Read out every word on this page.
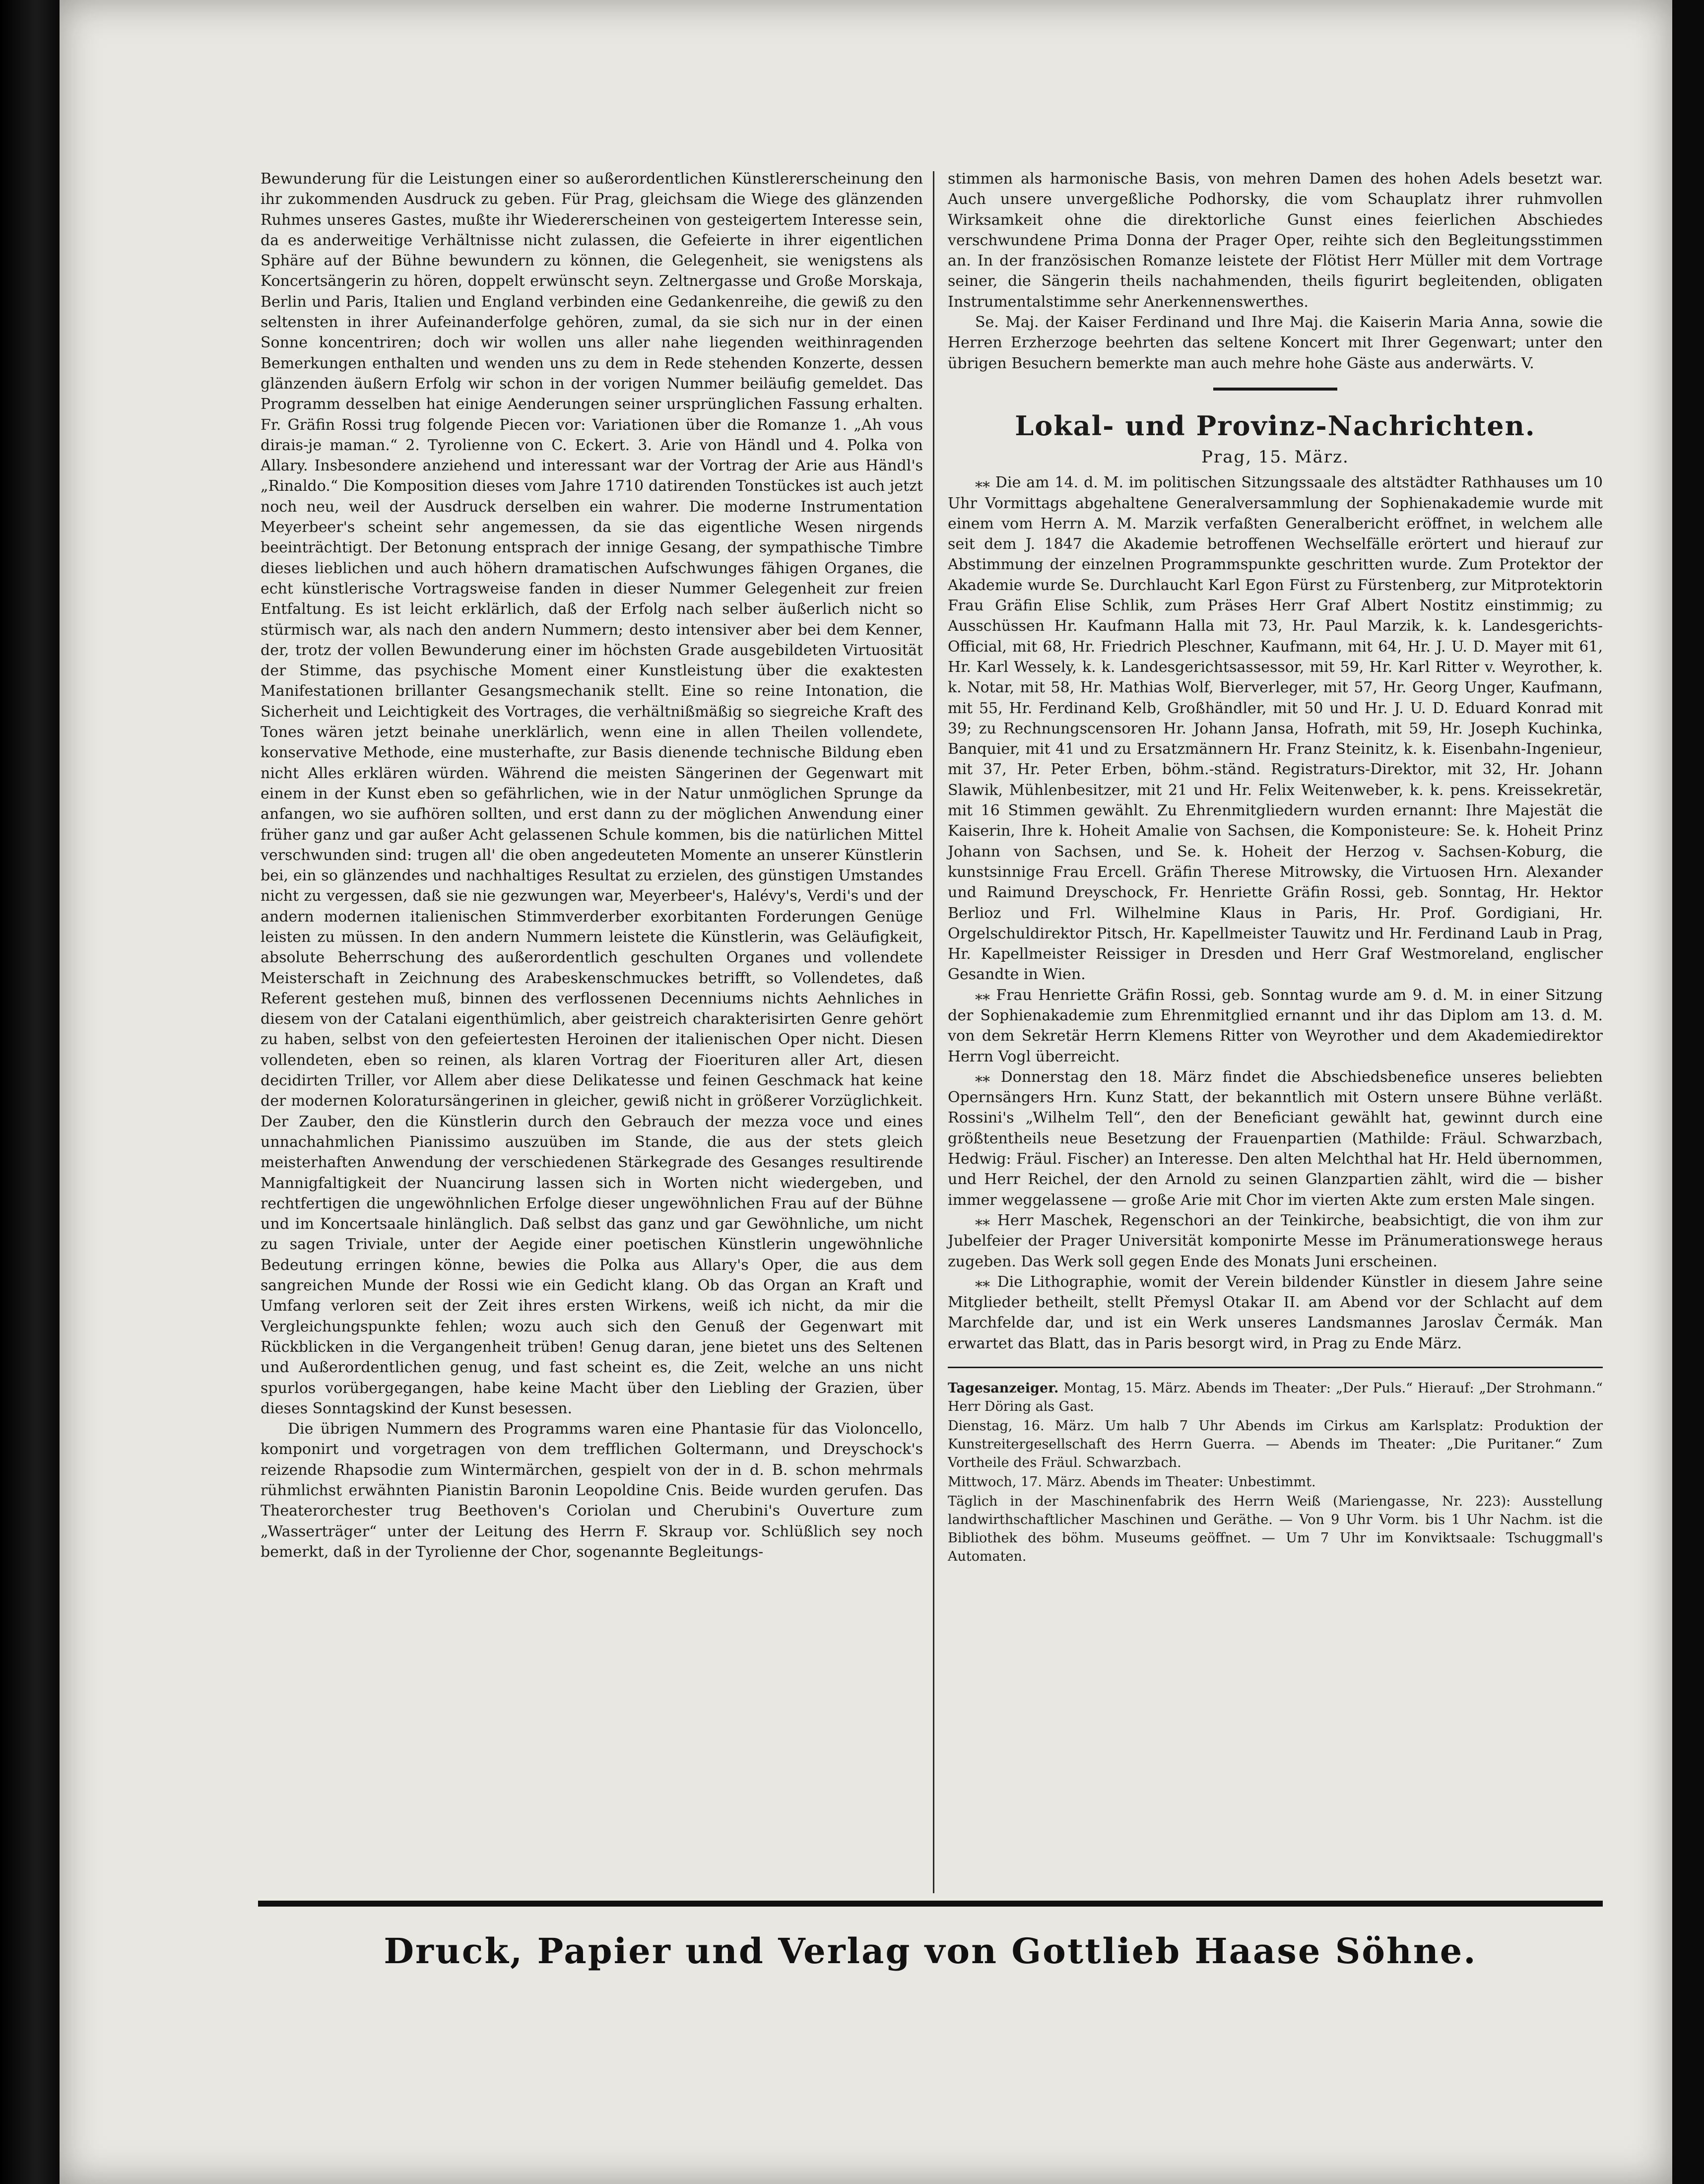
Bewunderung für die Leistungen einer so außerordentlichen Künstlererscheinung den ihr zukommenden Ausdruck zu geben. Für Prag, gleichsam die Wiege des glänzenden Ruhmes unseres Gastes, mußte ihr Wiedererscheinen von gesteigertem Interesse sein, da es anderweitige Verhältnisse nicht zulassen, die Gefeierte in ihrer eigentlichen Sphäre auf der Bühne bewundern zu können, die Gelegenheit, sie wenigstens als Koncertsängerin zu hören, doppelt erwünscht seyn. Zeltnergasse und Große Morskaja, Berlin und Paris, Italien und England verbinden eine Gedankenreihe, die gewiß zu den seltensten in ihrer Aufeinanderfolge gehören, zumal, da sie sich nur in der einen Sonne koncentriren; doch wir wollen uns aller nahe liegenden weithinragenden Bemerkungen enthalten und wenden uns zu dem in Rede stehenden Konzerte, dessen glänzenden äußern Erfolg wir schon in der vorigen Nummer beiläufig gemeldet. Das Programm desselben hat einige Aenderungen seiner ursprünglichen Fassung erhalten. Fr. Gräfin Rossi trug folgende Piecen vor: Variationen über die Romanze 1. „Ah vous dirais-je maman.“ 2. Tyrolienne von C. Eckert. 3. Arie von Händl und 4. Polka von Allary. Insbesondere anziehend und interessant war der Vortrag der Arie aus Händl's „Rinaldo.“ Die Komposition dieses vom Jahre 1710 datirenden Tonstückes ist auch jetzt noch neu, weil der Ausdruck derselben ein wahrer. Die moderne Instrumentation Meyerbeer's scheint sehr angemessen, da sie das eigentliche Wesen nirgends beeinträchtigt. Der Betonung entsprach der innige Gesang, der sympathische Timbre dieses lieblichen und auch höhern dramatischen Aufschwunges fähigen Organes, die echt künstlerische Vortragsweise fanden in dieser Nummer Gelegenheit zur freien Entfaltung. Es ist leicht erklärlich, daß der Erfolg nach selber äußerlich nicht so stürmisch war, als nach den andern Nummern; desto intensiver aber bei dem Kenner, der, trotz der vollen Bewunderung einer im höchsten Grade ausgebildeten Virtuosität der Stimme, das psychische Moment einer Kunstleistung über die exaktesten Manifestationen brillanter Gesangsmechanik stellt. Eine so reine Intonation, die Sicherheit und Leichtigkeit des Vortrages, die verhältnißmäßig so siegreiche Kraft des Tones wären jetzt beinahe unerklärlich, wenn eine in allen Theilen vollendete, konservative Methode, eine musterhafte, zur Basis dienende technische Bildung eben nicht Alles erklären würden. Während die meisten Sängerinen der Gegenwart mit einem in der Kunst eben so gefährlichen, wie in der Natur unmöglichen Sprunge da anfangen, wo sie aufhören sollten, und erst dann zu der möglichen Anwendung einer früher ganz und gar außer Acht gelassenen Schule kommen, bis die natürlichen Mittel verschwunden sind: trugen all' die oben angedeuteten Momente an unserer Künstlerin bei, ein so glänzendes und nachhaltiges Resultat zu erzielen, des günstigen Umstandes nicht zu vergessen, daß sie nie gezwungen war, Meyerbeer's, Halévy's, Verdi's und der andern modernen italienischen Stimmverderber exorbitanten Forderungen Genüge leisten zu müssen. In den andern Nummern leistete die Künstlerin, was Geläufigkeit, absolute Beherrschung des außerordentlich geschulten Organes und vollendete Meisterschaft in Zeichnung des Arabeskenschmuckes betrifft, so Vollendetes, daß Referent gestehen muß, binnen des verflossenen Decenniums nichts Aehnliches in diesem von der Catalani eigenthümlich, aber geistreich charakterisirten Genre gehört zu haben, selbst von den gefeiertesten Heroinen der italienischen Oper nicht. Diesen vollendeten, eben so reinen, als klaren Vortrag der Fioerituren aller Art, diesen decidirten Triller, vor Allem aber diese Delikatesse und feinen Geschmack hat keine der modernen Koloratursängerinen in gleicher, gewiß nicht in größerer Vorzüglichkeit. Der Zauber, den die Künstlerin durch den Gebrauch der mezza voce und eines unnachahmlichen Pianissimo auszuüben im Stande, die aus der stets gleich meisterhaften Anwendung der verschiedenen Stärkegrade des Gesanges resultirende Mannigfaltigkeit der Nuancirung lassen sich in Worten nicht wiedergeben, und rechtfertigen die ungewöhnlichen Erfolge dieser ungewöhnlichen Frau auf der Bühne und im Koncertsaale hinlänglich. Daß selbst das ganz und gar Gewöhnliche, um nicht zu sagen Triviale, unter der Aegide einer poetischen Künstlerin ungewöhnliche Bedeutung erringen könne, bewies die Polka aus Allary's Oper, die aus dem sangreichen Munde der Rossi wie ein Gedicht klang. Ob das Organ an Kraft und Umfang verloren seit der Zeit ihres ersten Wirkens, weiß ich nicht, da mir die Vergleichungspunkte fehlen; wozu auch sich den Genuß der Gegenwart mit Rückblicken in die Vergangenheit trüben! Genug daran, jene bietet uns des Seltenen und Außerordentlichen genug, und fast scheint es, die Zeit, welche an uns nicht spurlos vorübergegangen, habe keine Macht über den Liebling der Grazien, über dieses Sonntagskind der Kunst besessen.

Die übrigen Nummern des Programms waren eine Phantasie für das Violoncello, komponirt und vorgetragen von dem trefflichen Goltermann, und Dreyschock's reizende Rhapsodie zum Wintermärchen, gespielt von der in d. B. schon mehrmals rühmlichst erwähnten Pianistin Baronin Leopoldine Cnis. Beide wurden gerufen. Das Theaterorchester trug Beethoven's Coriolan und Cherubini's Ouverture zum „Wasserträger“ unter der Leitung des Herrn F. Skraup vor. Schlüßlich sey noch bemerkt, daß in der Tyrolienne der Chor, sogenannte Begleitungs-

stimmen als harmonische Basis, von mehren Damen des hohen Adels besetzt war. Auch unsere unvergeßliche Podhorsky, die vom Schauplatz ihrer ruhmvollen Wirksamkeit ohne die direktorliche Gunst eines feierlichen Abschiedes verschwundene Prima Donna der Prager Oper, reihte sich den Begleitungsstimmen an. In der französischen Romanze leistete der Flötist Herr Müller mit dem Vortrage seiner, die Sängerin theils nachahmenden, theils figurirt begleitenden, obligaten Instrumentalstimme sehr Anerkennenswerthes.

Se. Maj. der Kaiser Ferdinand und Ihre Maj. die Kaiserin Maria Anna, sowie die Herren Erzherzoge beehrten das seltene Koncert mit Ihrer Gegenwart; unter den übrigen Besuchern bemerkte man auch mehre hohe Gäste aus anderwärts. V.

Lokal- und Provinz-Nachrichten.
Prag, 15. März.

⁎⁎ Die am 14. d. M. im politischen Sitzungssaale des altstädter Rathhauses um 10 Uhr Vormittags abgehaltene Generalversammlung der Sophienakademie wurde mit einem vom Herrn A. M. Marzik verfaßten Generalbericht eröffnet, in welchem alle seit dem J. 1847 die Akademie betroffenen Wechselfälle erörtert und hierauf zur Abstimmung der einzelnen Programmspunkte geschritten wurde. Zum Protektor der Akademie wurde Se. Durchlaucht Karl Egon Fürst zu Fürstenberg, zur Mitprotektorin Frau Gräfin Elise Schlik, zum Präses Herr Graf Albert Nostitz einstimmig; zu Ausschüssen Hr. Kaufmann Halla mit 73, Hr. Paul Marzik, k. k. Landesgerichts-Official, mit 68, Hr. Friedrich Pleschner, Kaufmann, mit 64, Hr. J. U. D. Mayer mit 61, Hr. Karl Wessely, k. k. Landesgerichtsassessor, mit 59, Hr. Karl Ritter v. Weyrother, k. k. Notar, mit 58, Hr. Mathias Wolf, Bierverleger, mit 57, Hr. Georg Unger, Kaufmann, mit 55, Hr. Ferdinand Kelb, Großhändler, mit 50 und Hr. J. U. D. Eduard Konrad mit 39; zu Rechnungscensoren Hr. Johann Jansa, Hofrath, mit 59, Hr. Joseph Kuchinka, Banquier, mit 41 und zu Ersatzmännern Hr. Franz Steinitz, k. k. Eisenbahn-Ingenieur, mit 37, Hr. Peter Erben, böhm.-ständ. Registraturs-Direktor, mit 32, Hr. Johann Slawik, Mühlenbesitzer, mit 21 und Hr. Felix Weitenweber, k. k. pens. Kreissekretär, mit 16 Stimmen gewählt. Zu Ehrenmitgliedern wurden ernannt: Ihre Majestät die Kaiserin, Ihre k. Hoheit Amalie von Sachsen, die Komponisteure: Se. k. Hoheit Prinz Johann von Sachsen, und Se. k. Hoheit der Herzog v. Sachsen-Koburg, die kunstsinnige Frau Ercell. Gräfin Therese Mitrowsky, die Virtuosen Hrn. Alexander und Raimund Dreyschock, Fr. Henriette Gräfin Rossi, geb. Sonntag, Hr. Hektor Berlioz und Frl. Wilhelmine Klaus in Paris, Hr. Prof. Gordigiani, Hr. Orgelschuldirektor Pitsch, Hr. Kapellmeister Tauwitz und Hr. Ferdinand Laub in Prag, Hr. Kapellmeister Reissiger in Dresden und Herr Graf Westmoreland, englischer Gesandte in Wien.

⁎⁎ Frau Henriette Gräfin Rossi, geb. Sonntag wurde am 9. d. M. in einer Sitzung der Sophienakademie zum Ehrenmitglied ernannt und ihr das Diplom am 13. d. M. von dem Sekretär Herrn Klemens Ritter von Weyrother und dem Akademiedirektor Herrn Vogl überreicht.

⁎⁎ Donnerstag den 18. März findet die Abschiedsbenefice unseres beliebten Opernsängers Hrn. Kunz Statt, der bekanntlich mit Ostern unsere Bühne verläßt. Rossini's „Wilhelm Tell“, den der Beneficiant gewählt hat, gewinnt durch eine größtentheils neue Besetzung der Frauenpartien (Mathilde: Fräul. Schwarzbach, Hedwig: Fräul. Fischer) an Interesse. Den alten Melchthal hat Hr. Held übernommen, und Herr Reichel, der den Arnold zu seinen Glanzpartien zählt, wird die — bisher immer weggelassene — große Arie mit Chor im vierten Akte zum ersten Male singen.

⁎⁎ Herr Maschek, Regenschori an der Teinkirche, beabsichtigt, die von ihm zur Jubelfeier der Prager Universität komponirte Messe im Pränumerationswege heraus zugeben. Das Werk soll gegen Ende des Monats Juni erscheinen.

⁎⁎ Die Lithographie, womit der Verein bildender Künstler in diesem Jahre seine Mitglieder betheilt, stellt Přemysl Otakar II. am Abend vor der Schlacht auf dem Marchfelde dar, und ist ein Werk unseres Landsmannes Jaroslav Čermák. Man erwartet das Blatt, das in Paris besorgt wird, in Prag zu Ende März.

Tagesanzeiger. Montag, 15. März. Abends im Theater: „Der Puls.“ Hierauf: „Der Strohmann.“ Herr Döring als Gast.

Dienstag, 16. März. Um halb 7 Uhr Abends im Cirkus am Karlsplatz: Produktion der Kunstreitergesellschaft des Herrn Guerra. — Abends im Theater: „Die Puritaner.“ Zum Vortheile des Fräul. Schwarzbach.

Mittwoch, 17. März. Abends im Theater: Unbestimmt.

Täglich in der Maschinenfabrik des Herrn Weiß (Mariengasse, Nr. 223): Ausstellung landwirthschaftlicher Maschinen und Geräthe. — Von 9 Uhr Vorm. bis 1 Uhr Nachm. ist die Bibliothek des böhm. Museums geöffnet. — Um 7 Uhr im Konviktsaale: Tschuggmall's Automaten.

Druck, Papier und Verlag von Gottlieb Haase Söhne.
